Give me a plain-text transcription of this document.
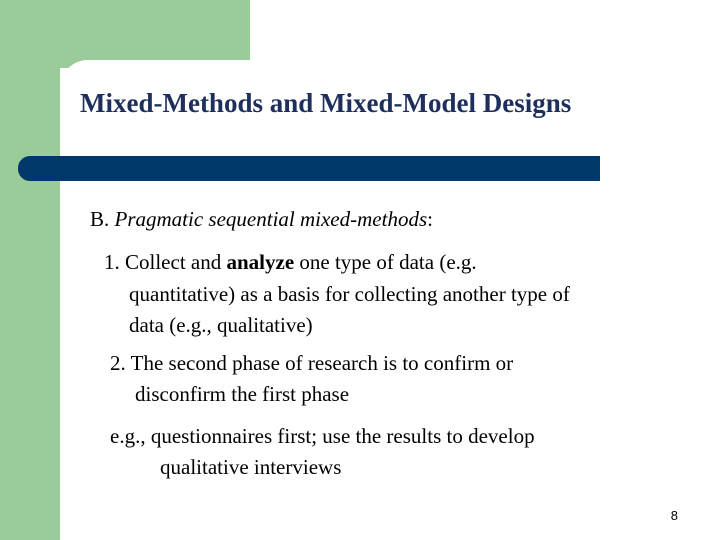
Mixed-Methods and Mixed-Model Designs
B. Pragmatic sequential mixed-methods:
1. Collect and analyze one type of data (e.g.
quantitative) as a basis for collecting another type of
data (e.g., qualitative)
2. The second phase of research is to confirm or
disconfirm the first phase
e.g., questionnaires first; use the results to develop
qualitative interviews
8
